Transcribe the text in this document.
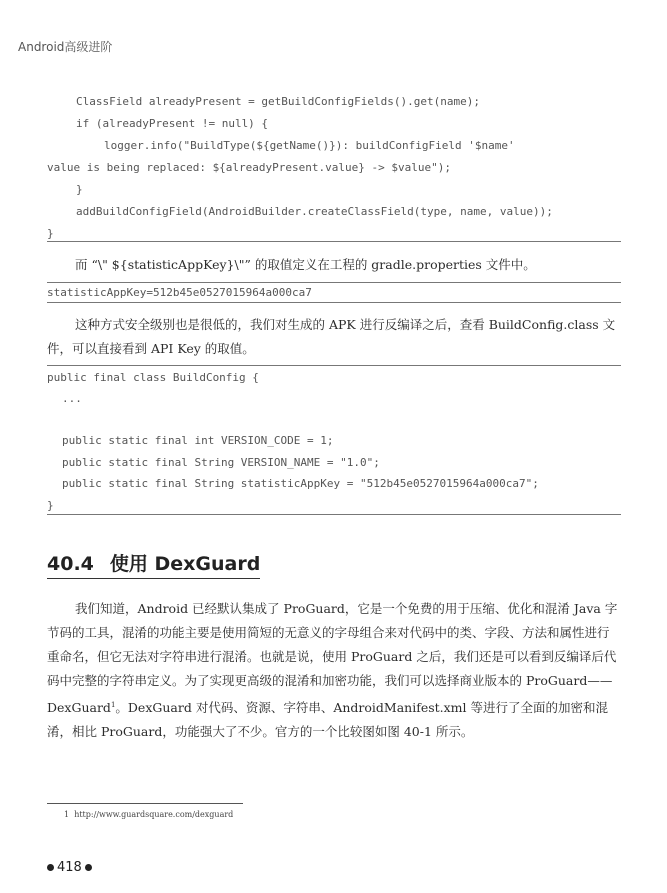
Android高级进阶
ClassField alreadyPresent = getBuildConfigFields().get(name);
if (alreadyPresent != null) {
logger.info("BuildType(${getName()}): buildConfigField '$name'
value is being replaced: ${alreadyPresent.value} -> $value");
}
addBuildConfigField(AndroidBuilder.createClassField(type, name, value));
}
而 “\" ${statisticAppKey}\"” 的取值定义在工程的 gradle.properties 文件中。
statisticAppKey=512b45e0527015964a000ca7
这种方式安全级别也是很低的，我们对生成的 APK 进行反编译之后，查看 BuildConfig.class 文件，可以直接看到 API Key 的取值。
public final class BuildConfig {
...
public static final int VERSION_CODE = 1;
public static final String VERSION_NAME = "1.0";
public static final String statisticAppKey = "512b45e0527015964a000ca7";
}
40.4 使用 DexGuard
我们知道，Android 已经默认集成了 ProGuard，它是一个免费的用于压缩、优化和混淆 Java 字节码的工具，混淆的功能主要是使用简短的无意义的字母组合来对代码中的类、字段、方法和属性进行重命名，但它无法对字符串进行混淆。也就是说，使用 ProGuard 之后，我们还是可以看到反编译后代码中完整的字符串定义。为了实现更高级的混淆和加密功能，我们可以选择商业版本的 ProGuard——DexGuard$^1$。DexGuard 对代码、资源、字符串、AndroidManifest.xml 等进行了全面的加密和混淆，相比 ProGuard，功能强大了不少。官方的一个比较图如图 40-1 所示。
1 http://www.guardsquare.com/dexguard
418
